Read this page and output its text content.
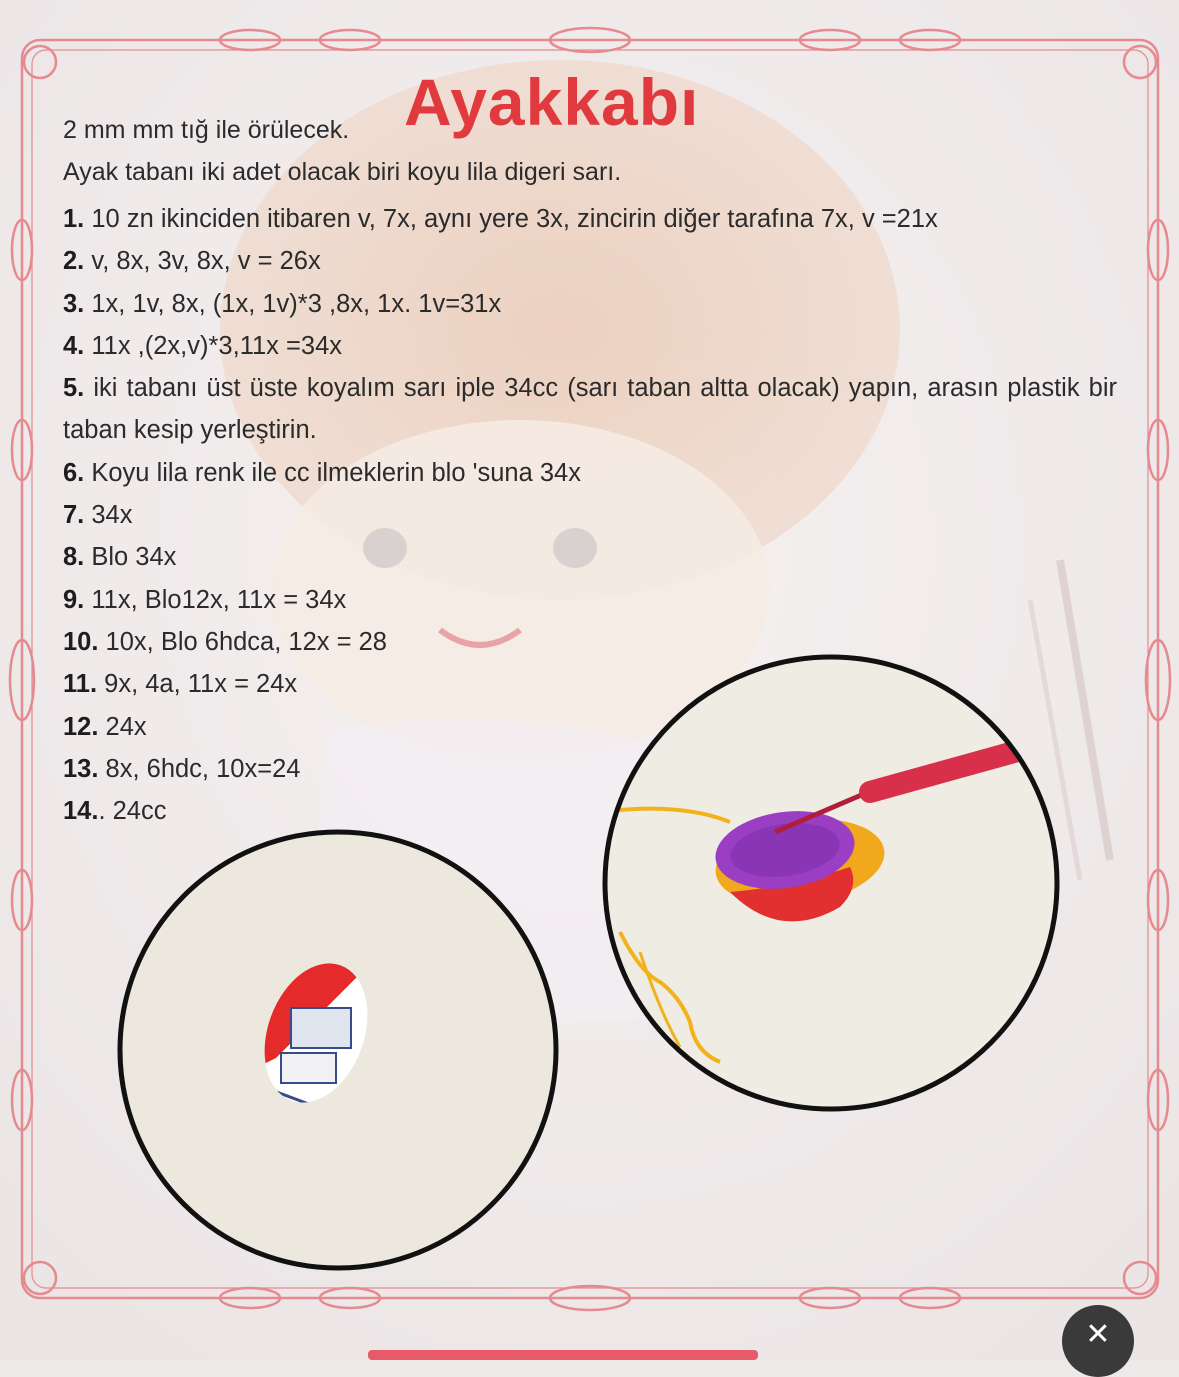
Ayakkabı
2 mm mm tığ ile örülecek.
Ayak tabanı iki adet olacak biri koyu lila digeri sarı.
1. 10 zn ikinciden itibaren v, 7x, aynı yere 3x, zincirin diğer tarafına 7x, v =21x
2. v, 8x, 3v, 8x, v = 26x
3. 1x, 1v, 8x, (1x, 1v)*3 ,8x, 1x. 1v=31x
4. 11x ,(2x,v)*3,11x =34x
5. iki tabanı üst üste koyalım sarı iple 34cc (sarı taban altta olacak) yapın, arasın plastik bir taban kesip yerleştirin.
6. Koyu lila renk ile cc ilmeklerin blo 'suna 34x
7. 34x
8. Blo 34x
9. 11x, Blo12x, 11x = 34x
10. 10x, Blo 6hdca, 12x = 28
11. 9x, 4a, 11x = 24x
12. 24x
13. 8x, 6hdc, 10x=24
14.. 24cc
✕
